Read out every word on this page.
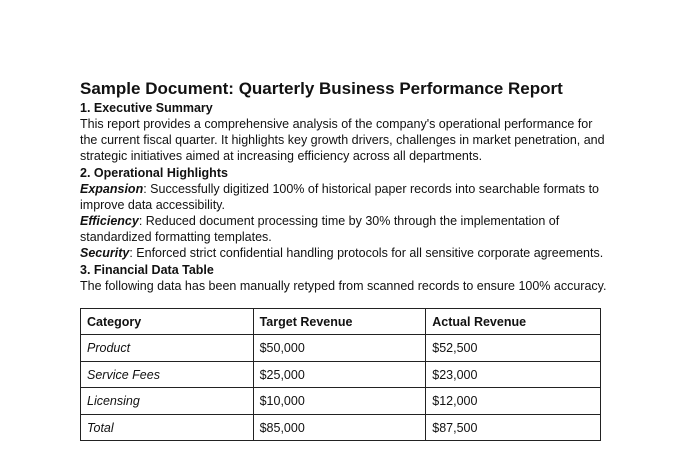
Sample Document: Quarterly Business Performance Report
1. Executive Summary

This report provides a comprehensive analysis of the company's operational performance for
the current fiscal quarter. It highlights key growth drivers, challenges in market penetration, and
strategic initiatives aimed at increasing efficiency across all departments.

2. Operational Highlights

Expansion: Successfully digitized 100% of historical paper records into searchable formats to
improve data accessibility.

Efficiency: Reduced document processing time by 30% through the implementation of
standardized formatting templates.

Security: Enforced strict confidential handling protocols for all sensitive corporate agreements.

3. Financial Data Table

The following data has been manually retyped from scanned records to ensure 100% accuracy.

Category	Target Revenue	Actual Revenue
Product	$50,000	$52,500
Service Fees	$25,000	$23,000
Licensing	$10,000	$12,000
Total	$85,000	$87,500
